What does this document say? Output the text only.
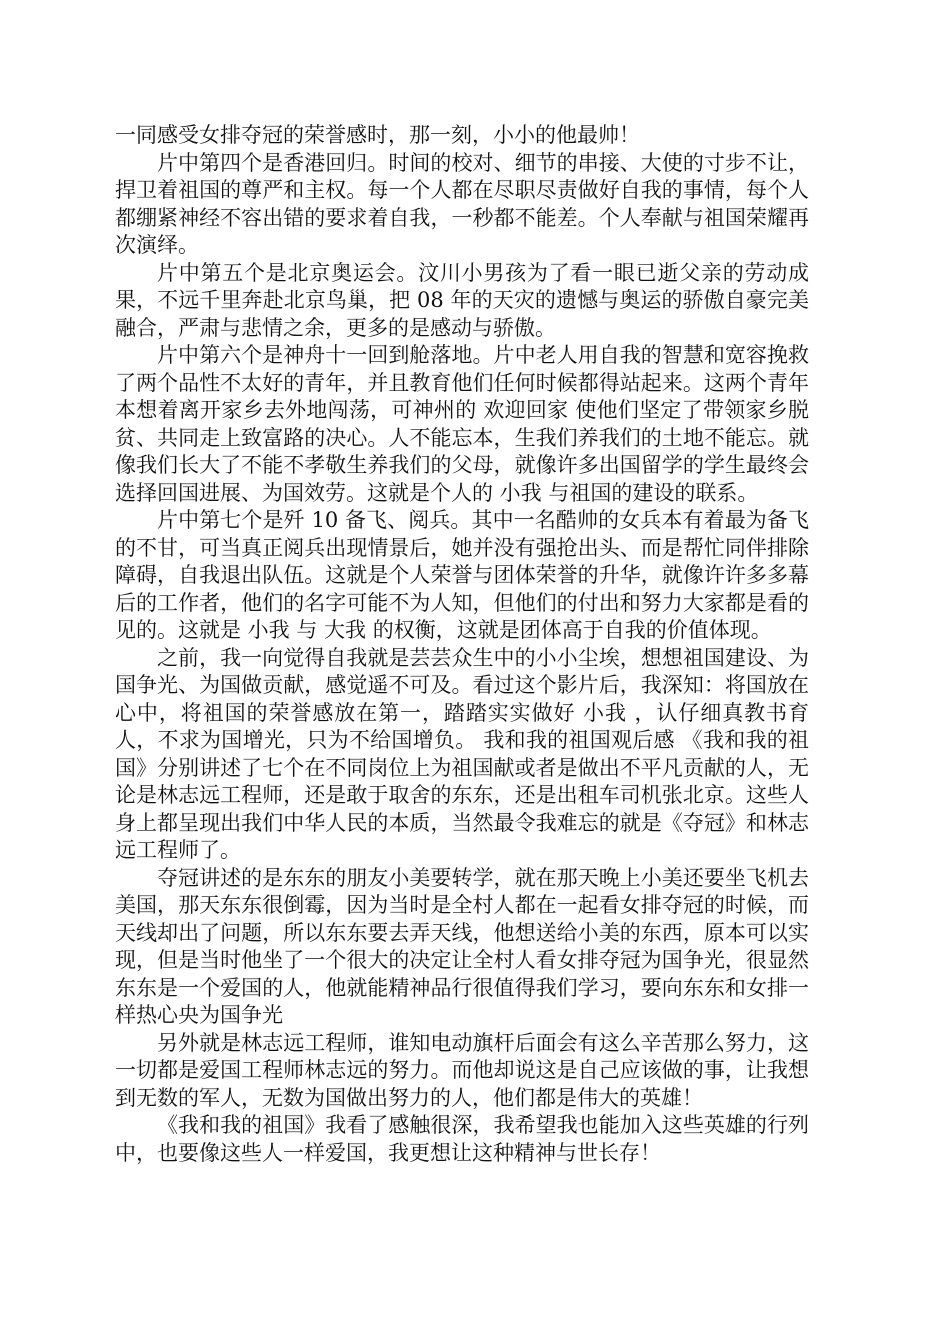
一同感受女排夺冠的荣誉感时，那一刻，小小的他最帅！

片中第四个是香港回归。时间的校对、细节的串接、大使的寸步不让，捍卫着祖国的尊严和主权。每一个人都在尽职尽责做好自我的事情，每个人都绷紧神经不容出错的要求着自我，一秒都不能差。个人奉献与祖国荣耀再次演绎。

片中第五个是北京奥运会。汶川小男孩为了看一眼已逝父亲的劳动成果，不远千里奔赴北京鸟巢，把 08 年的天灾的遗憾与奥运的骄傲自豪完美融合，严肃与悲情之余，更多的是感动与骄傲。

片中第六个是神舟十一回到舱落地。片中老人用自我的智慧和宽容挽救了两个品性不太好的青年，并且教育他们任何时候都得站起来。这两个青年本想着离开家乡去外地闯荡，可神州的 欢迎回家 使他们坚定了带领家乡脱贫、共同走上致富路的决心。人不能忘本，生我们养我们的土地不能忘。就像我们长大了不能不孝敬生养我们的父母，就像许多出国留学的学生最终会选择回国进展、为国效劳。这就是个人的 小我 与祖国的建设的联系。

片中第七个是歼 10 备飞、阅兵。其中一名酷帅的女兵本有着最为备飞的不甘，可当真正阅兵出现情景后，她并没有强抢出头、而是帮忙同伴排除障碍，自我退出队伍。这就是个人荣誉与团体荣誉的升华，就像许许多多幕后的工作者，他们的名字可能不为人知，但他们的付出和努力大家都是看的见的。这就是 小我 与 大我 的权衡，这就是团体高于自我的价值体现。

之前，我一向觉得自我就是芸芸众生中的小小尘埃，想想祖国建设、为国争光、为国做贡献，感觉遥不可及。看过这个影片后，我深知：将国放在心中，将祖国的荣誉感放在第一，踏踏实实做好 小我 ，认仔细真教书育人，不求为国增光，只为不给国增负。 我和我的祖国观后感 《我和我的祖国》分别讲述了七个在不同岗位上为祖国献或者是做出不平凡贡献的人，无论是林志远工程师，还是敢于取舍的东东，还是出租车司机张北京。这些人身上都呈现出我们中华人民的本质，当然最令我难忘的就是《夺冠》和林志远工程师了。

夺冠讲述的是东东的朋友小美要转学，就在那天晚上小美还要坐飞机去美国，那天东东很倒霉，因为当时是全村人都在一起看女排夺冠的时候，而天线却出了问题，所以东东要去弄天线，他想送给小美的东西，原本可以实现，但是当时他坐了一个很大的决定让全村人看女排夺冠为国争光，很显然东东是一个爱国的人，他就能精神品行很值得我们学习，要向东东和女排一样热心央为国争光

另外就是林志远工程师，谁知电动旗杆后面会有这么辛苦那么努力，这一切都是爱国工程师林志远的努力。而他却说这是自己应该做的事，让我想到无数的军人，无数为国做出努力的人，他们都是伟大的英雄！

《我和我的祖国》我看了感触很深，我希望我也能加入这些英雄的行列中，也要像这些人一样爱国，我更想让这种精神与世长存！
